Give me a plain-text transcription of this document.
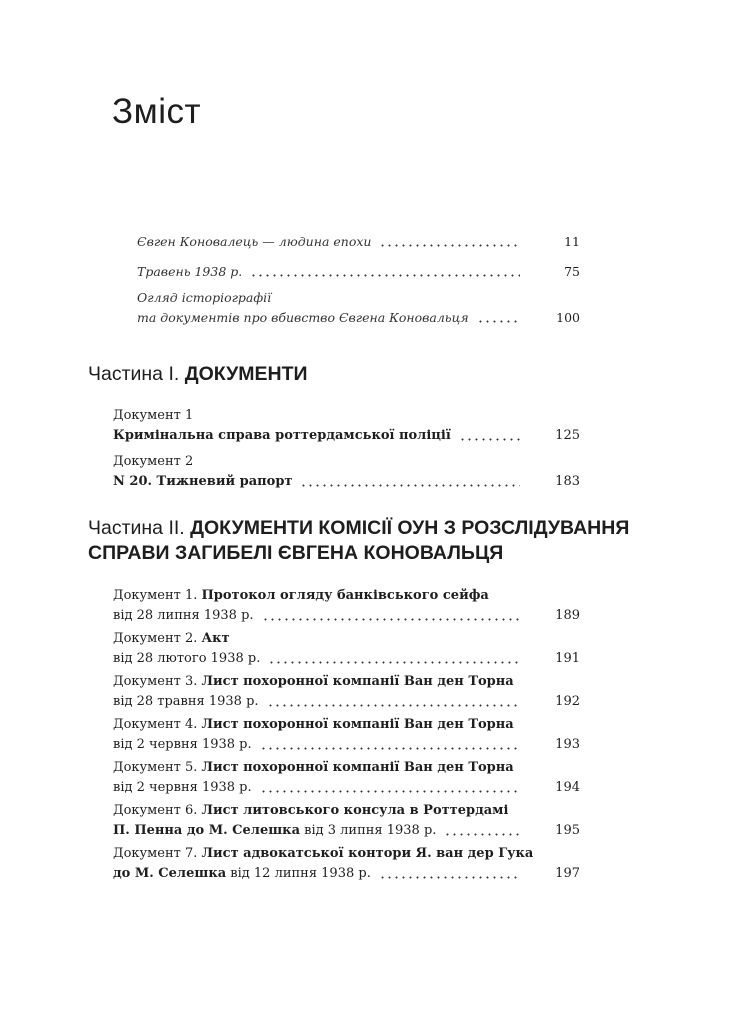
Зміст
Євген Коновалець — людина епохи	11
Травень 1938 р.	75
Огляд історіографії
та документів про вбивство Євгена Коновальця	100
Частина I. ДОКУМЕНТИ
Документ 1
Кримінальна справа роттердамської поліції	125
Документ 2
N 20. Тижневий рапорт	183
Частина II. ДОКУМЕНТИ КОМІСІЇ ОУН З РОЗСЛІДУВАННЯ
СПРАВИ ЗАГИБЕЛІ ЄВГЕНА КОНОВАЛЬЦЯ
Документ 1.
Протокол огляду банківського сейфа
від 28 липня 1938 р.	189
Документ 2.
Акт
від 28 лютого 1938 р.	191
Документ 3.
Лист похоронної компанії Ван ден Торна
від 28 травня 1938 р.	192
Документ 4.
Лист похоронної компанії Ван ден Торна
від 2 червня 1938 р.	193
Документ 5.
Лист похоронної компанії Ван ден Торна
від 2 червня 1938 р.	194
Документ 6.
Лист литовського консула в Роттердамі
П. Пенна до М. Селешка
від 3 липня 1938 р.	195
Документ 7.
Лист адвокатської контори Я. ван дер Гука
до М. Селешка
від 12 липня 1938 р.	197
